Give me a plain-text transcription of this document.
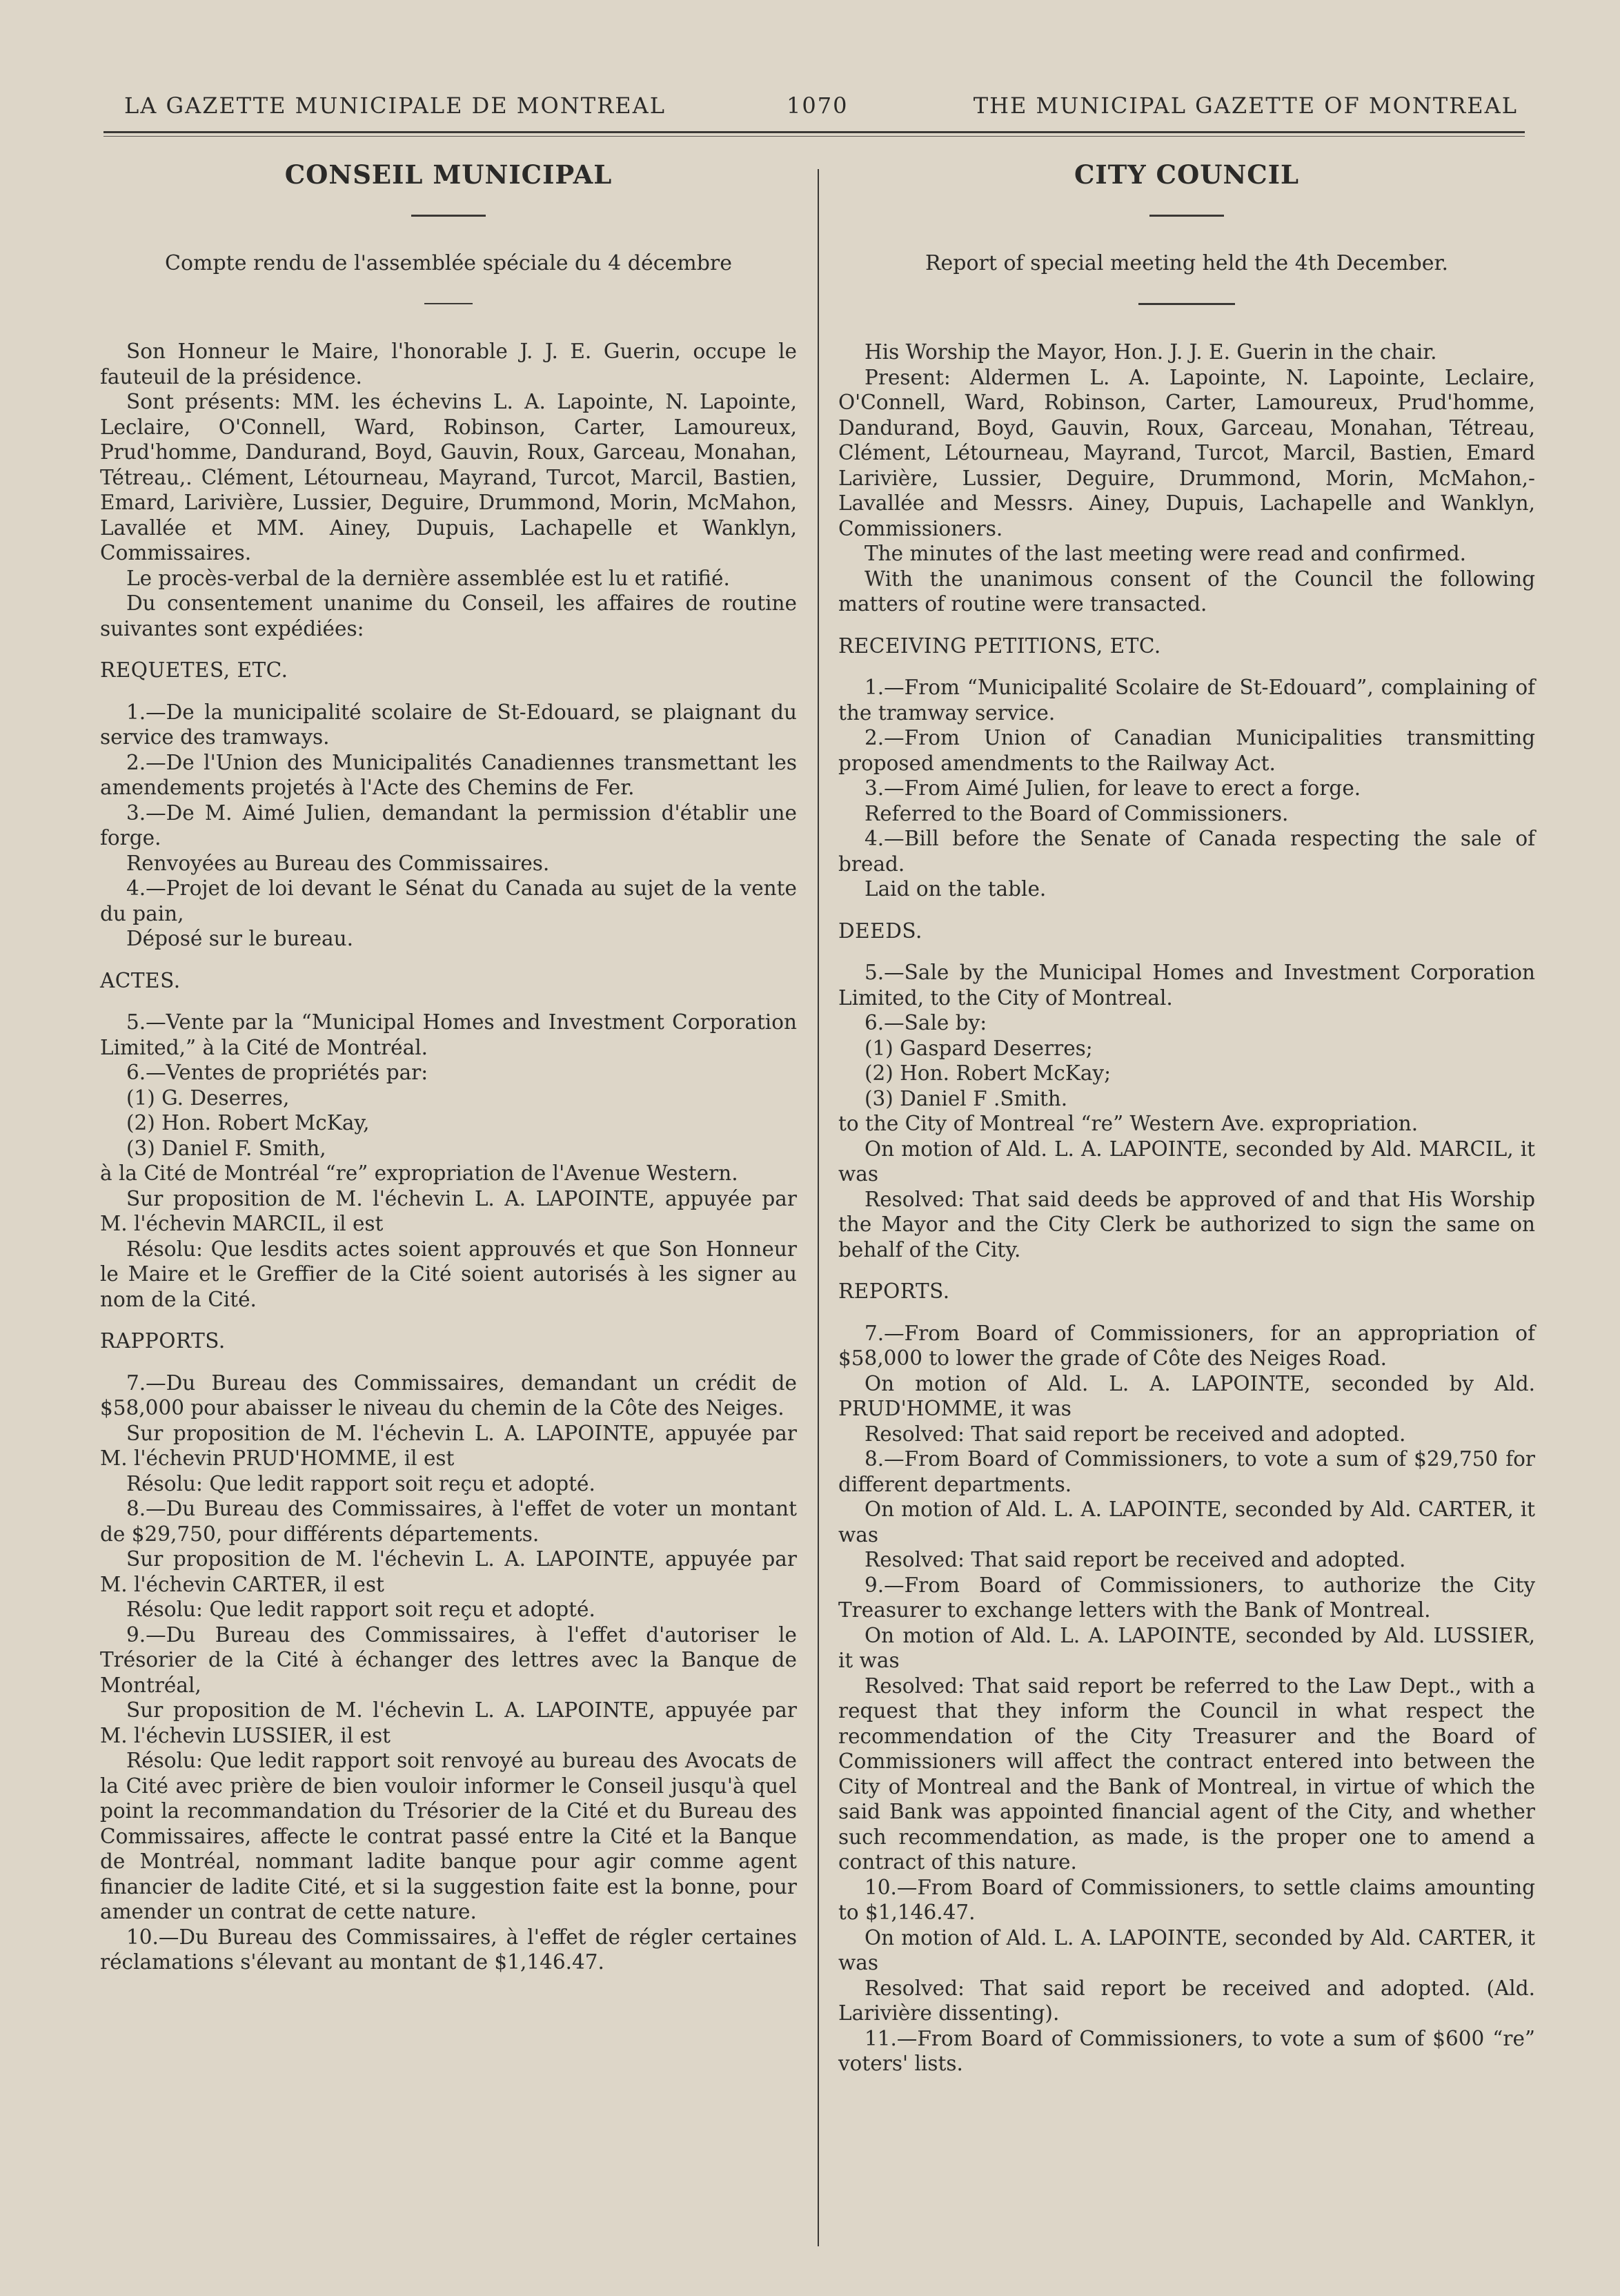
LA GAZETTE MUNICIPALE DE MONTREAL	1070	THE MUNICIPAL GAZETTE OF MONTREAL
CONSEIL MUNICIPAL
Compte rendu de l'assemblée spéciale du 4 décembre

Son Honneur le Maire, l'honorable J. J. E. Guerin, occupe le fauteuil de la présidence.

Sont présents: MM. les échevins L. A. Lapointe, N. Lapointe, Leclaire, O'Connell, Ward, Robinson, Carter, Lamoureux, Prud'homme, Dandurand, Boyd, Gauvin, Roux, Garceau, Monahan, Tétreau,. Clément, Létourneau, Mayrand, Turcot, Marcil, Bastien, Emard, Larivière, Lussier, Deguire, Drummond, Morin, McMahon, Lavallée et MM. Ainey, Dupuis, Lachapelle et Wanklyn, Commissaires.

Le procès-verbal de la dernière assemblée est lu et ratifié.

Du consentement unanime du Conseil, les affaires de routine suivantes sont expédiées:

REQUETES, ETC.

1.—De la municipalité scolaire de St-Edouard, se plaignant du service des tramways.

2.—De l'Union des Municipalités Canadiennes transmettant les amendements projetés à l'Acte des Chemins de Fer.

3.—De M. Aimé Julien, demandant la permission d'établir une forge.

Renvoyées au Bureau des Commissaires.

4.—Projet de loi devant le Sénat du Canada au sujet de la vente du pain,

Déposé sur le bureau.

ACTES.

5.—Vente par la “Municipal Homes and Investment Corporation Limited,” à la Cité de Montréal.

6.—Ventes de propriétés par:

(1) G. Deserres,

(2) Hon. Robert McKay,

(3) Daniel F. Smith,

à la Cité de Montréal “re” expropriation de l'Avenue Western.

Sur proposition de M. l'échevin L. A. LAPOINTE, appuyée par M. l'échevin MARCIL, il est

Résolu: Que lesdits actes soient approuvés et que Son Honneur le Maire et le Greffier de la Cité soient autorisés à les signer au nom de la Cité.

RAPPORTS.

7.—Du Bureau des Commissaires, demandant un crédit de $58,000 pour abaisser le niveau du chemin de la Côte des Neiges.

Sur proposition de M. l'échevin L. A. LAPOINTE, appuyée par M. l'échevin PRUD'HOMME, il est

Résolu: Que ledit rapport soit reçu et adopté.

8.—Du Bureau des Commissaires, à l'effet de voter un montant de $29,750, pour différents départements.

Sur proposition de M. l'échevin L. A. LAPOINTE, appuyée par M. l'échevin CARTER, il est

Résolu: Que ledit rapport soit reçu et adopté.

9.—Du Bureau des Commissaires, à l'effet d'autoriser le Trésorier de la Cité à échanger des lettres avec la Banque de Montréal,

Sur proposition de M. l'échevin L. A. LAPOINTE, appuyée par M. l'échevin LUSSIER, il est

Résolu: Que ledit rapport soit renvoyé au bureau des Avocats de la Cité avec prière de bien vouloir informer le Conseil jusqu'à quel point la recommandation du Trésorier de la Cité et du Bureau des Commissaires, affecte le contrat passé entre la Cité et la Banque de Montréal, nommant ladite banque pour agir comme agent financier de ladite Cité, et si la suggestion faite est la bonne, pour amender un contrat de cette nature.

10.—Du Bureau des Commissaires, à l'effet de régler certaines réclamations s'élevant au montant de $1,146.47.

CITY COUNCIL
Report of special meeting held the 4th December.

His Worship the Mayor, Hon. J. J. E. Guerin in the chair.

Present: Aldermen L. A. Lapointe, N. Lapointe, Leclaire, O'Connell, Ward, Robinson, Carter, Lamoureux, Prud'homme, Dandurand, Boyd, Gauvin, Roux, Garceau, Monahan, Tétreau, Clément, Létourneau, Mayrand, Turcot, Marcil, Bastien, Emard Larivière, Lussier, Deguire, Drummond, Morin, McMahon,- Lavallée and Messrs. Ainey, Dupuis, Lachapelle and Wanklyn, Commissioners.

The minutes of the last meeting were read and confirmed.

With the unanimous consent of the Council the following matters of routine were transacted.

RECEIVING PETITIONS, ETC.

1.—From “Municipalité Scolaire de St-Edouard”, complaining of the tramway service.

2.—From Union of Canadian Municipalities transmitting proposed amendments to the Railway Act.

3.—From Aimé Julien, for leave to erect a forge.

Referred to the Board of Commissioners.

4.—Bill before the Senate of Canada respecting the sale of bread.

Laid on the table.

DEEDS.

5.—Sale by the Municipal Homes and Investment Corporation Limited, to the City of Montreal.

6.—Sale by:

(1) Gaspard Deserres;

(2) Hon. Robert McKay;

(3) Daniel F .Smith.

to the City of Montreal “re” Western Ave. expropriation.

On motion of Ald. L. A. LAPOINTE, seconded by Ald. MARCIL, it was

Resolved: That said deeds be approved of and that His Worship the Mayor and the City Clerk be authorized to sign the same on behalf of the City.

REPORTS.

7.—From Board of Commissioners, for an appropriation of $58,000 to lower the grade of Côte des Neiges Road.

On motion of Ald. L. A. LAPOINTE, seconded by Ald. PRUD'HOMME, it was

Resolved: That said report be received and adopted.

8.—From Board of Commissioners, to vote a sum of $29,750 for different departments.

On motion of Ald. L. A. LAPOINTE, seconded by Ald. CARTER, it was

Resolved: That said report be received and adopted.

9.—From Board of Commissioners, to authorize the City Treasurer to exchange letters with the Bank of Montreal.

On motion of Ald. L. A. LAPOINTE, seconded by Ald. LUSSIER, it was

Resolved: That said report be referred to the Law Dept., with a request that they inform the Council in what respect the recommendation of the City Treasurer and the Board of Commissioners will affect the contract entered into between the City of Montreal and the Bank of Montreal, in virtue of which the said Bank was appointed financial agent of the City, and whether such recommendation, as made, is the proper one to amend a contract of this nature.

10.—From Board of Commissioners, to settle claims amounting to $1,146.47.

On motion of Ald. L. A. LAPOINTE, seconded by Ald. CARTER, it was

Resolved: That said report be received and adopted. (Ald. Larivière dissenting).

11.—From Board of Commissioners, to vote a sum of $600 “re” voters' lists.
